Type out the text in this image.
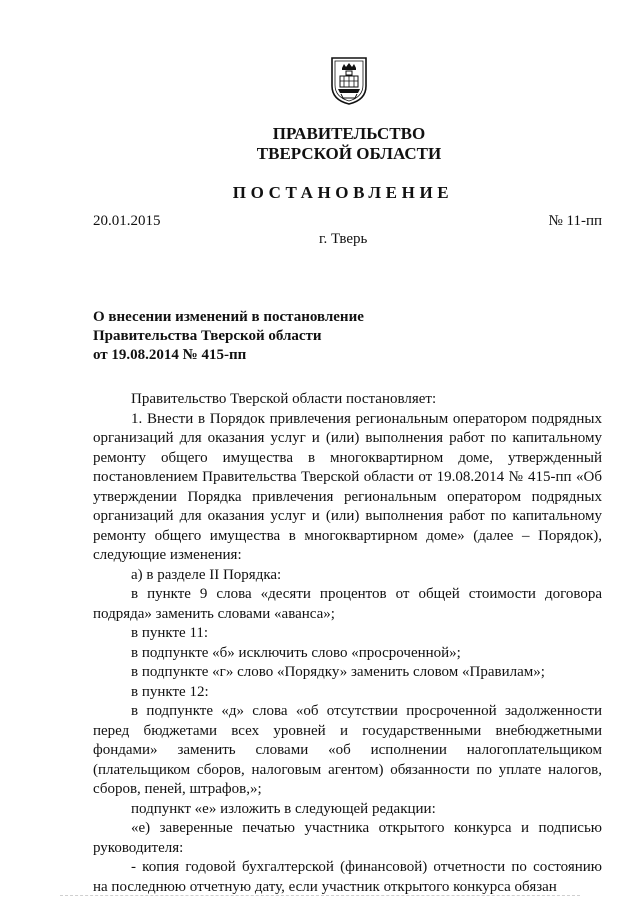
ПРАВИТЕЛЬСТВО
ТВЕРСКОЙ ОБЛАСТИ
ПОСТАНОВЛЕНИЕ
20.01.2015	№ 11-пп
г. Тверь
О внесении изменений в постановление
Правительства Тверской области
от 19.08.2014 № 415-пп

Правительство Тверской области постановляет:

1. Внести в Порядок привлечения региональным оператором подрядных организаций для оказания услуг и (или) выполнения работ по капитальному ремонту общего имущества в многоквартирном доме, утвержденный постановлением Правительства Тверской области от 19.08.2014 № 415-пп «Об утверждении Порядка привлечения региональным оператором подрядных организаций для оказания услуг и (или) выполнения работ по капитальному ремонту общего имущества в многоквартирном доме» (далее – Порядок), следующие изменения:

а) в разделе II Порядка:

в пункте 9 слова «десяти процентов от общей стоимости договора подряда» заменить словами «аванса»;

в пункте 11:

в подпункте «б» исключить слово «просроченной»;

в подпункте «г» слово «Порядку» заменить словом «Правилам»;

в пункте 12:

в подпункте «д» слова «об отсутствии просроченной задолженности перед бюджетами всех уровней и государственными внебюджетными фондами» заменить словами «об исполнении налогоплательщиком (плательщиком сборов, налоговым агентом) обязанности по уплате налогов, сборов, пеней, штрафов,»;

подпункт «е» изложить в следующей редакции:

«е) заверенные печатью участника открытого конкурса и подписью руководителя:

- копия годовой бухгалтерской (финансовой) отчетности по состоянию на последнюю отчетную дату, если участник открытого конкурса обязан
